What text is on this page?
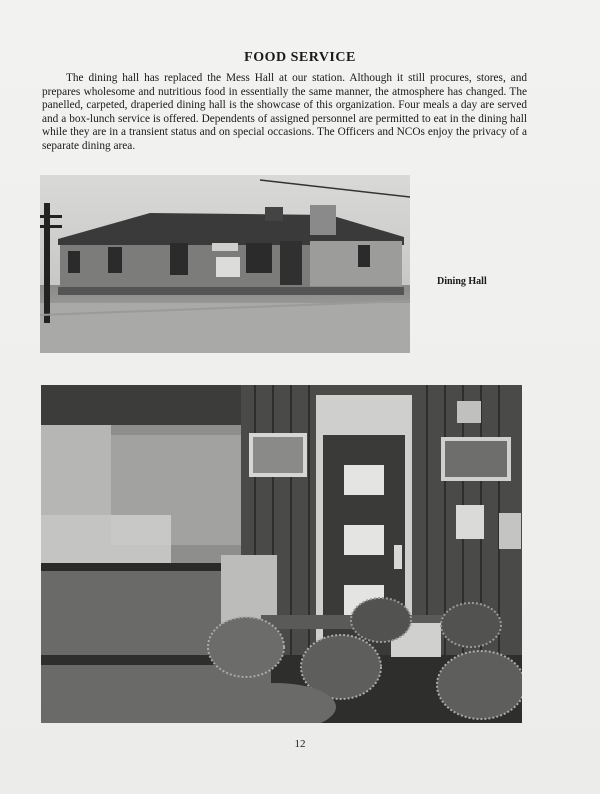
FOOD SERVICE
The dining hall has replaced the Mess Hall at our station. Although it still procures, stores, and prepares wholesome and nutritious food in essentially the same manner, the atmosphere has changed. The panelled, carpeted, draperied dining hall is the showcase of this organization. Four meals a day are served and a box-lunch service is offered. Dependents of assigned personnel are permitted to eat in the dining hall while they are in a transient status and on special occasions. The Officers and NCOs enjoy the privacy of a separate dining area.
Dining Hall
12
